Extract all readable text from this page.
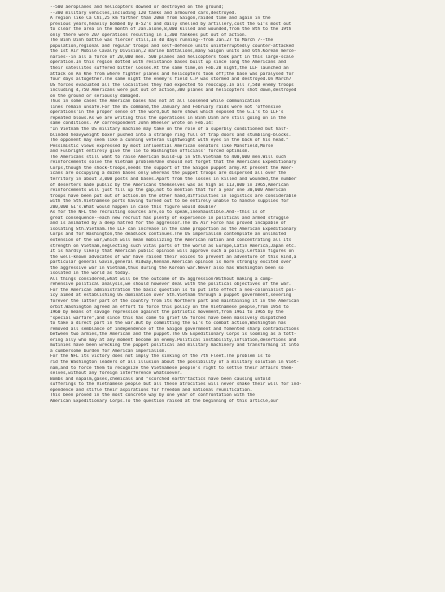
--500 aeroplanes and helicopters downed or destroyed on the ground;
--300 military vehicles,including 120 tanks and armoured cars,destroyed.
A region like Ca Chi,25 km farther than 20km from Saigon,raided time and again in the
previous years,heavily bombed by B-52's and daily shelled by artillery,cost the GI's most out
to clear the area in the month of Jan.alone,8,000 killed and wounded,from the 8th to the 19th
only there were 207 operations resulting in 1,300 Yankees put out of action.
The Binh Dinh battle was fiercer still,In 40 days running--from Jan.27 to March 7--the
population,regional and regular troops and self-defence units uninterruptedly counter-attacked
the 1st Air Mobile Cavalry Division,2 marine battalions,many Saigon units and 6th.Korean merce-
naries--in all a force of 20,000 men. 500 planes and helicopters took part in this large-scale
operation.In this region dotted with resistance bases built up since long the Americans and
their satellites suffered bitter losses.At the same time,on Feb.20 night,the LLF launched an
attack on An Khe from where fighter planes and helicopters took off;the base was paralysed for
four days altogether.The same night the enemy's field C.P was stormed and destroyed.On March7
US forces evacuated all the localities they had expected to reoccupy.In all 7,540 enemy troops
including 4,750 Americans were put out of action,300 planes and helicopters shot down,destroyed
on the ground or seriously damaged.
Thus in some cases the American bases has not at all loosened while communication
lines remain unsafe.For the US command,the January and February raids were not 'offensive
operations'in the proper sense of the word,but more shows which exposed the G.I's to LLF's
repeated blows.As we are writing this the operations in Binh Dinh are still going on in the
same conditions. AP correspondent John Wheeler wrote on Feb.14:
"In Vietnam the US military machine may take on the role of a superbly conditioned but half-
blinded heavyweight boxer pushed into a strange ring full of trap doors and stumbling-blocks.
The opponent may seem like a cunning veteran lightweight with eyes in the back of his head."
Pessimistic views expressed by most influential American senators like Mansfield,Morse
and Fulbright entirely give the lie to Washington officials' forced optimism.
The Americans still want to raise American build-up in Sth.Vietnam to 400,000 men.Will such
reinforcements solve the Vietnam problem?One should not forget that the Americans Expeditionary
Corps,though the shock-troops,needs the support of the Saigon puppet army.At present the Amer-
icans are occupying a dozen bases only whereas the puppet troops are dispersed all over the
territory in about 3,000 posts and bases.Apart from the losses in killed and wounded,the number
of deserters made public by the Americans themselves was as high as 113,000 in 1965,American
reinforcements will just fill up the gap,not to mention that for a year one 30,000 American
troops have been put out of action.On the other hand,difficulties in logistics are considerable
with the Sth.Vietnamese ports having turned out to be entirely unable to handle supplies for
200,000 GI's.What would happen in case this figure would double?
As for the NFL the recruiting sources are,so to speak,inexhaustible.And--this is of
great consequence--each new recruit has plenty of experience in political and armed struggle
and is animated by a deep hatred for the aggressor.The US Air Force has proved incapable of
isolating Sth.Vietnam.The LLF can increase in the same proportion as the American Expeditionary
Corps and for Washington,the deadlock continues.The US imperialism contemplate an unlimited
extension of the war,which will mean mobilizing the American nation and concentrating all its
strength on Vietnam,neglecting such vital parts of the world as Europe,Latin America,Japan etc.
It is hardly likely that American public opinion will approve such a policy.Certain figures on
the well-known advocates of war have raised their voices to prevent an adventure of this kind,a
particular general Gavin,general Ridway,Kennan.American opinion is more strongly excited over
the aggressive war in Vietnam,thus during the Korean war.Never also has Washington been so
isolated in the world as today.
All things considered,what will be the outcome of US aggression?Without making a comp-
rehensive political analysis,we should however deal with the political objectives of the war.
For the American administration the basic question is to put into effect a neo-colonialist pol-
icy aimed at establishing US domination over Sth.Vietnam through a puppet government,severing
forever the latter part of the country from its Northern part and maintaining it in the American
orbit.Washington agreed an effort to force this policy on the Vietnamese people,from 1954 to
1960 by means of savage repression against the patriotic movement,from 1961 to 1965 by the
"special warfare",and since this has come to grief US forces have been massively dispatched
to take a direct part in the war.But by committing the GI's to combat action,Washington has
removed all semblance of independence of the Saigon government and fomented sharp contradictions
between two armies,the American and the puppet.The US Expeditionary Corps is looming as a tott-
ering ally who may at any moment become an enemy.Political instability,inflation,desertions and
mutinies have been wrecking the puppet political and military machinery and transforming it into
a cumbersome burden for American imperialism.
For the NFL its victory does not imply the sinking of the 7th Fleet.The problem is to
rid the Washington leaders of all illusion about the possibility of a military solution in Viet-
nam,and to force them to recognize the Vietnamese people's right to settle their affairs them-
selves,without any foreign interference whatsoever.
Bombs and napalm,gases,chemicals and "scorched earth"tactics have been causing untold
sufferings to the Vietnamese people but all these atrocities will never shake their will for ind-
ependence and stifle their aspirations for freedom and national reunification.
This been proved in the most concrete way by one year of confrontation with the
American Expeditionary Corps.To the question raised at the beginning of this article,our
